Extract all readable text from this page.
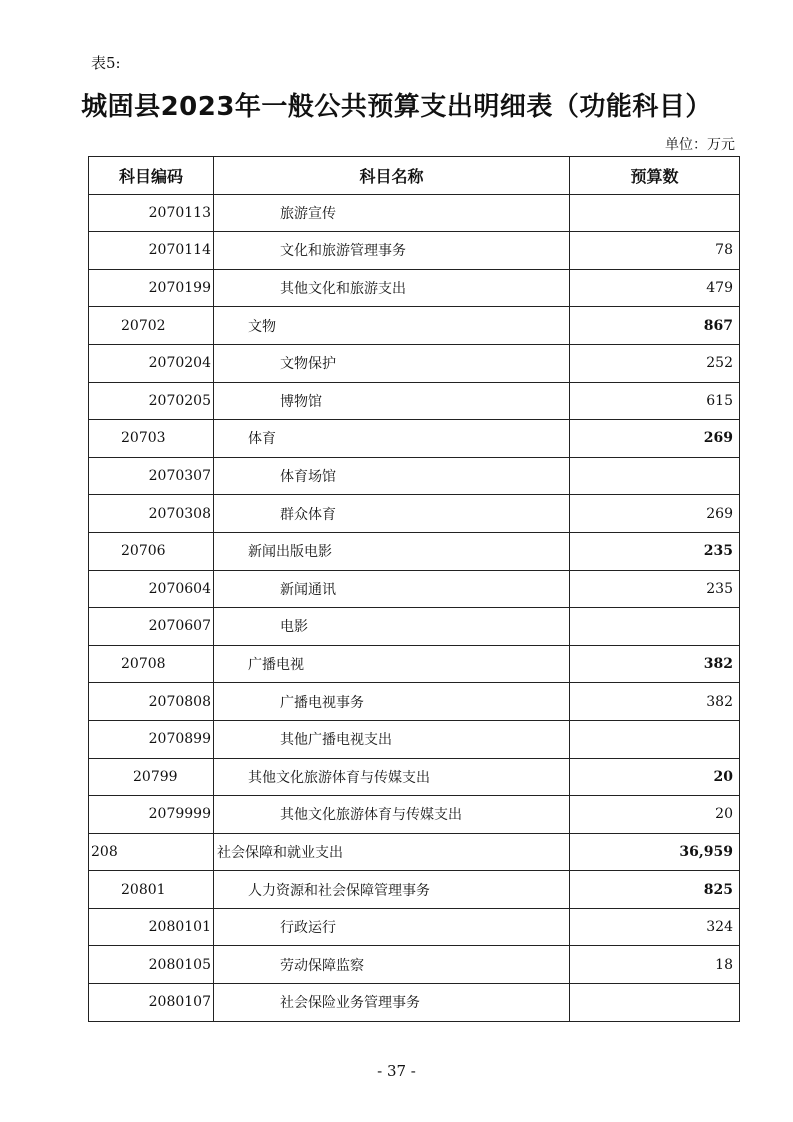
表5:
城固县2023年一般公共预算支出明细表（功能科目）
单位：万元
科目编码	科目名称	预算数
2070113	旅游宣传	
2070114	文化和旅游管理事务	78
2070199	其他文化和旅游支出	479
20702	文物	867
2070204	文物保护	252
2070205	博物馆	615
20703	体育	269
2070307	体育场馆	
2070308	群众体育	269
20706	新闻出版电影	235
2070604	新闻通讯	235
2070607	电影	
20708	广播电视	382
2070808	广播电视事务	382
2070899	其他广播电视支出	
20799	其他文化旅游体育与传媒支出	20
2079999	其他文化旅游体育与传媒支出	20
208	社会保障和就业支出	36,959
20801	人力资源和社会保障管理事务	825
2080101	行政运行	324
2080105	劳动保障监察	18
2080107	社会保险业务管理事务	
- 37 -
